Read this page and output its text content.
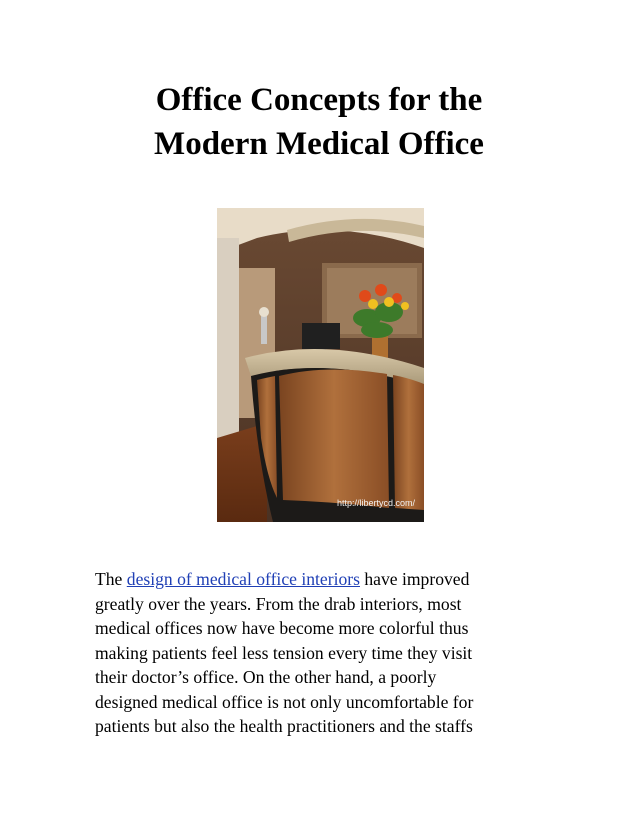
Office Concepts for the
Modern Medical Office
http://libertycd.com/

The design of medical office interiors have improved
greatly over the years. From the drab interiors, most
medical offices now have become more colorful thus
making patients feel less tension every time they visit
their doctor’s office. On the other hand, a poorly
designed medical office is not only uncomfortable for
patients but also the health practitioners and the staffs
